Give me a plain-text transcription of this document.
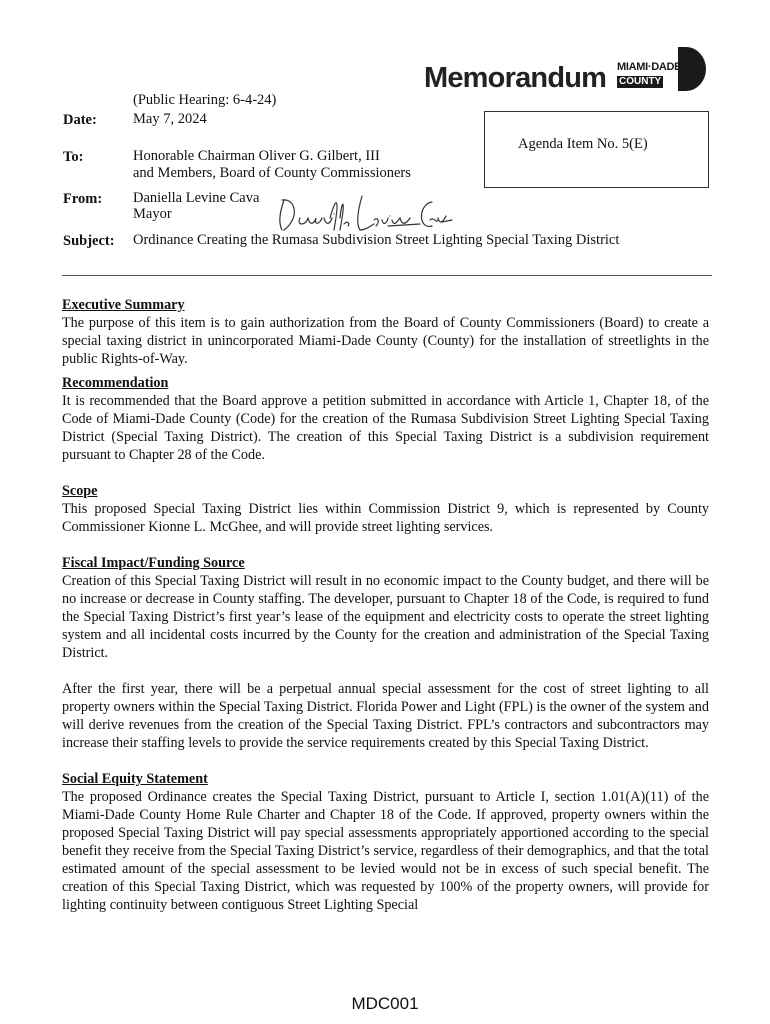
Memorandum MIAMI·DADE
COUNTY
(Public Hearing: 6-4-24)
Date: May 7, 2024
To:	Honorable Chairman Oliver G. Gilbert, III
and Members, Board of County Commissioners
From: Daniella Levine Cava
Mayor
Subject: Ordinance Creating the Rumasa Subdivision Street Lighting Special Taxing District
Agenda Item No. 5(E)

Executive Summary

The purpose of this item is to gain authorization from the Board of County Commissioners (Board) to create a special taxing district in unincorporated Miami-Dade County (County) for the installation of streetlights in the public Rights-of-Way.

Recommendation

It is recommended that the Board approve a petition submitted in accordance with Article 1, Chapter 18, of the Code of Miami-Dade County (Code) for the creation of the Rumasa Subdivision Street Lighting Special Taxing District (Special Taxing District). The creation of this Special Taxing District is a subdivision requirement pursuant to Chapter 28 of the Code.

Scope

This proposed Special Taxing District lies within Commission District 9, which is represented by County Commissioner Kionne L. McGhee, and will provide street lighting services.

Fiscal Impact/Funding Source

Creation of this Special Taxing District will result in no economic impact to the County budget, and there will be no increase or decrease in County staffing. The developer, pursuant to Chapter 18 of the Code, is required to fund the Special Taxing District’s first year’s lease of the equipment and electricity costs to operate the street lighting system and all incidental costs incurred by the County for the creation and administration of the Special Taxing District.

After the first year, there will be a perpetual annual special assessment for the cost of street lighting to all property owners within the Special Taxing District. Florida Power and Light (FPL) is the owner of the system and will derive revenues from the creation of the Special Taxing District. FPL’s contractors and subcontractors may increase their staffing levels to provide the service requirements created by this Special Taxing District.

Social Equity Statement

The proposed Ordinance creates the Special Taxing District, pursuant to Article I, section 1.01(A)(11) of the Miami-Dade County Home Rule Charter and Chapter 18 of the Code. If approved, property owners within the proposed Special Taxing District will pay special assessments appropriately apportioned according to the special benefit they receive from the Special Taxing District’s service, regardless of their demographics, and that the total estimated amount of the special assessment to be levied would not be in excess of such special benefit. The creation of this Special Taxing District, which was requested by 100% of the property owners, will provide for lighting continuity between contiguous Street Lighting Special

MDC001
